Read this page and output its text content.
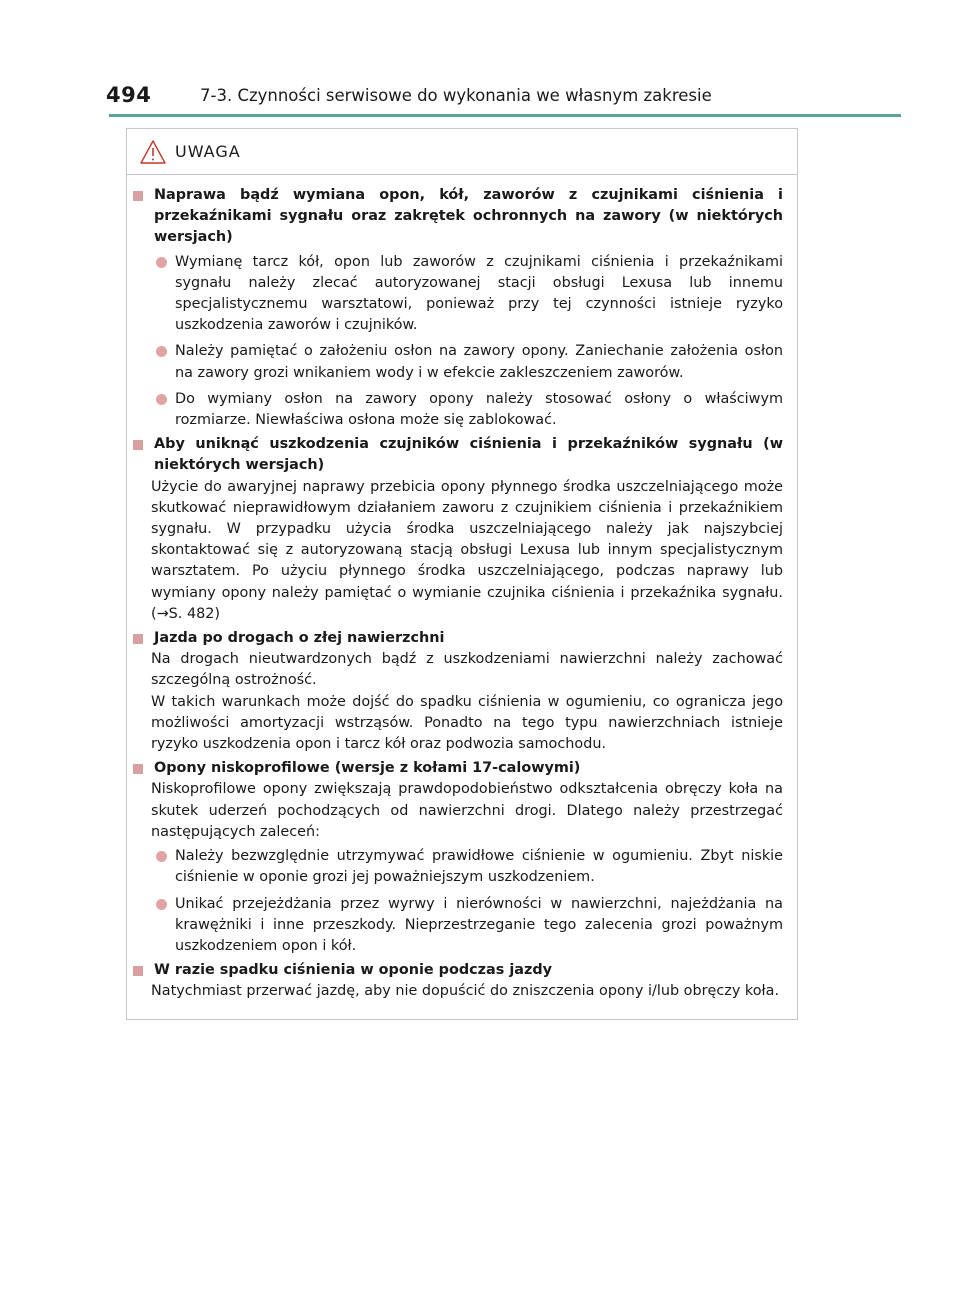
494	7-3. Czynności serwisowe do wykonania we własnym zakresie
UWAGA

Naprawa bądź wymiana opon, kół, zaworów z czujnikami ciśnienia i przekaźnikami sygnału oraz zakrętek ochronnych na zawory (w niektórych wersjach)

Wymianę tarcz kół, opon lub zaworów z czujnikami ciśnienia i przekaźnikami sygnału należy zlecać autoryzowanej stacji obsługi Lexusa lub innemu specjalistycznemu warsztatowi, ponieważ przy tej czynności istnieje ryzyko uszkodzenia zaworów i czujników.

Należy pamiętać o założeniu osłon na zawory opony. Zaniechanie założenia osłon na zawory grozi wnikaniem wody i w efekcie zakleszczeniem zaworów.

Do wymiany osłon na zawory opony należy stosować osłony o właściwym rozmiarze. Niewłaściwa osłona może się zablokować.

Aby uniknąć uszkodzenia czujników ciśnienia i przekaźników sygnału (w niektórych wersjach)

Użycie do awaryjnej naprawy przebicia opony płynnego środka uszczelniającego może skutkować nieprawidłowym działaniem zaworu z czujnikiem ciśnienia i przekaźnikiem sygnału. W przypadku użycia środka uszczelniającego należy jak najszybciej skontaktować się z autoryzowaną stacją obsługi Lexusa lub innym specjalistycznym warsztatem. Po użyciu płynnego środka uszczelniającego, podczas naprawy lub wymiany opony należy pamiętać o wymianie czujnika ciśnienia i przekaźnika sygnału. (→S. 482)

Jazda po drogach o złej nawierzchni

Na drogach nieutwardzonych bądź z uszkodzeniami nawierzchni należy zachować szczególną ostrożność.

W takich warunkach może dojść do spadku ciśnienia w ogumieniu, co ogranicza jego możliwości amortyzacji wstrząsów. Ponadto na tego typu nawierzchniach istnieje ryzyko uszkodzenia opon i tarcz kół oraz podwozia samochodu.

Opony niskoprofilowe (wersje z kołami 17-calowymi)

Niskoprofilowe opony zwiększają prawdopodobieństwo odkształcenia obręczy koła na skutek uderzeń pochodzących od nawierzchni drogi. Dlatego należy przestrzegać następujących zaleceń:

Należy bezwzględnie utrzymywać prawidłowe ciśnienie w ogumieniu. Zbyt niskie ciśnienie w oponie grozi jej poważniejszym uszkodzeniem.

Unikać przejeżdżania przez wyrwy i nierówności w nawierzchni, najeżdżania na krawężniki i inne przeszkody. Nieprzestrzeganie tego zalecenia grozi poważnym uszkodzeniem opon i kół.

W razie spadku ciśnienia w oponie podczas jazdy

Natychmiast przerwać jazdę, aby nie dopuścić do zniszczenia opony i/lub obręczy koła.
